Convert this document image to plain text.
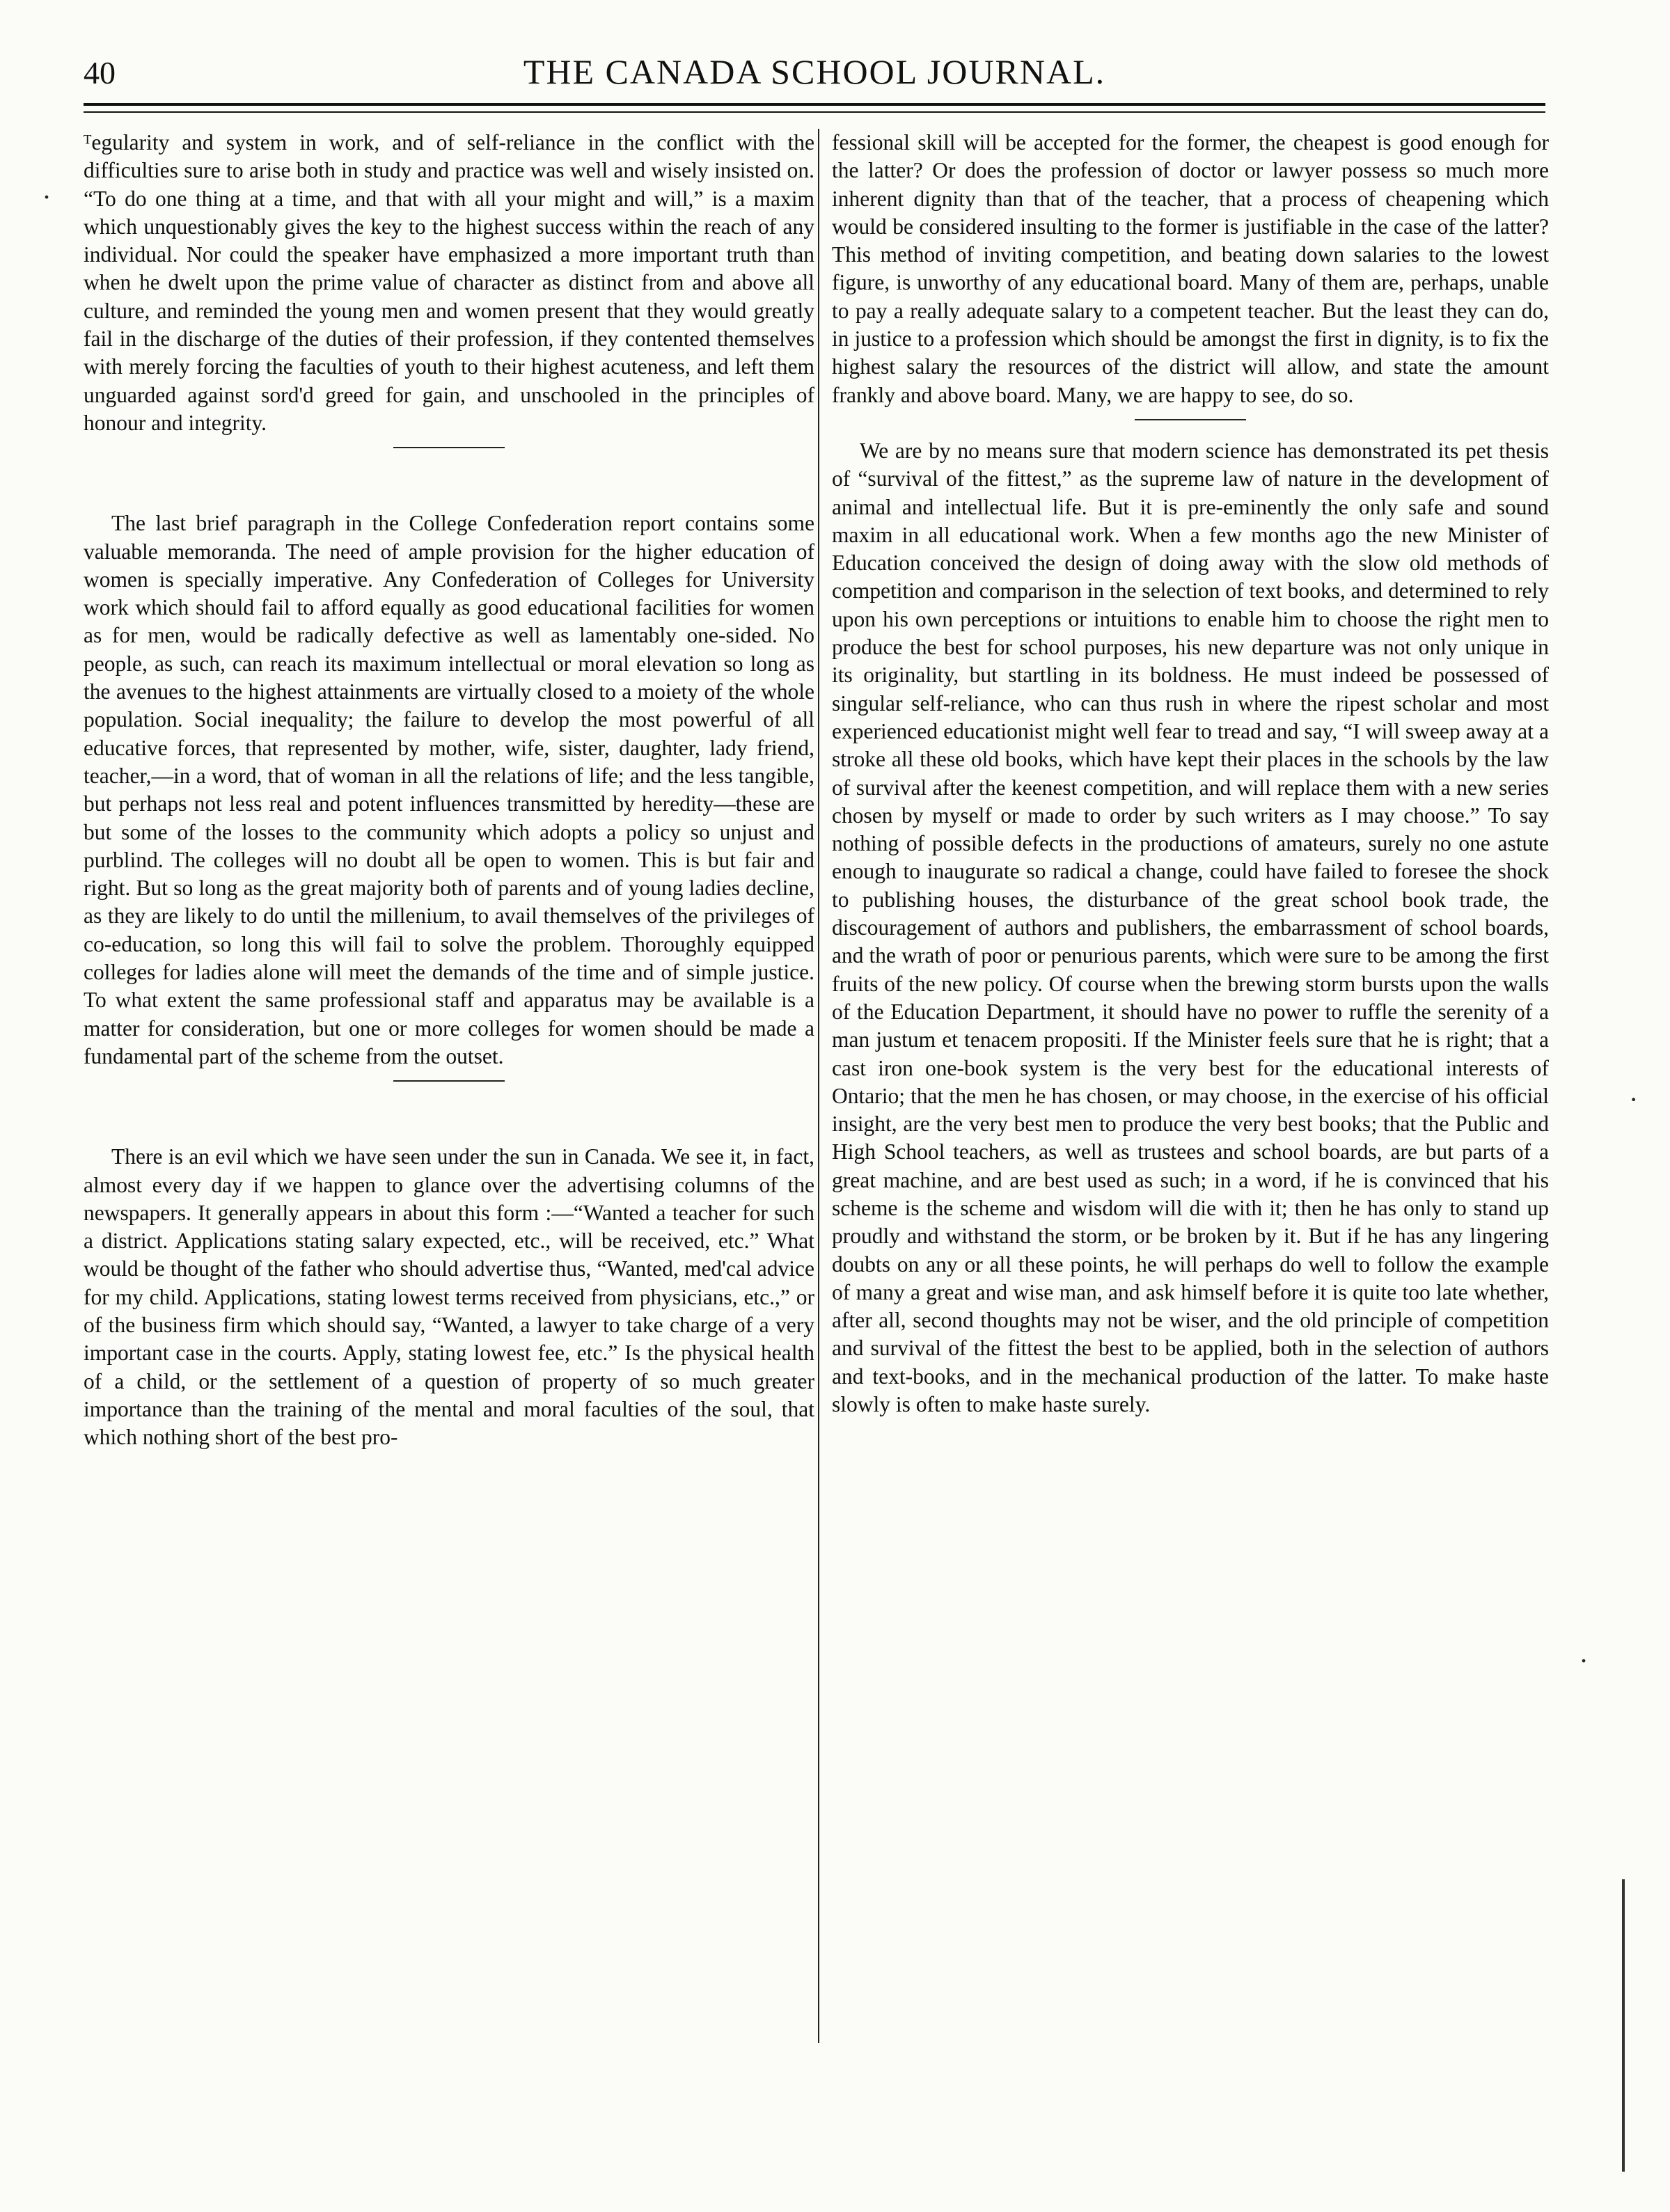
40	THE CANADA SCHOOL JOURNAL.

ᵀegularity and system in work, and of self-reliance in the conflict with the difficulties sure to arise both in study and practice was well and wisely insisted on. “To do one thing at a time, and that with all your might and will,” is a maxim which unquestionably gives the key to the highest success within the reach of any individual. Nor could the speaker have emphasized a more important truth than when he dwelt upon the prime value of character as distinct from and above all culture, and reminded the young men and women present that they would greatly fail in the discharge of the duties of their profession, if they contented themselves with merely forcing the faculties of youth to their highest acuteness, and left them unguarded against sord'd greed for gain, and unschooled in the principles of honour and integrity.

The last brief paragraph in the College Confederation report contains some valuable memoranda. The need of ample provision for the higher education of women is specially imperative. Any Confederation of Colleges for University work which should fail to afford equally as good educational facilities for women as for men, would be radically defective as well as lamentably one-sided. No people, as such, can reach its maximum intellectual or moral elevation so long as the avenues to the highest attainments are virtually closed to a moiety of the whole population. Social inequality; the failure to develop the most powerful of all educative forces, that represented by mother, wife, sister, daughter, lady friend, teacher,—in a word, that of woman in all the relations of life; and the less tangible, but perhaps not less real and potent influences transmitted by heredity—these are but some of the losses to the community which adopts a policy so unjust and purblind. The colleges will no doubt all be open to women. This is but fair and right. But so long as the great majority both of parents and of young ladies decline, as they are likely to do until the millenium, to avail themselves of the privileges of co-education, so long this will fail to solve the problem. Thoroughly equipped colleges for ladies alone will meet the demands of the time and of simple justice. To what extent the same professional staff and apparatus may be available is a matter for consideration, but one or more colleges for women should be made a fundamental part of the scheme from the outset.

There is an evil which we have seen under the sun in Canada. We see it, in fact, almost every day if we happen to glance over the advertising columns of the newspapers. It generally appears in about this form :—“Wanted a teacher for such a district. Applications stating salary expected, etc., will be received, etc.” What would be thought of the father who should advertise thus, “Wanted, med'cal advice for my child. Applications, stating lowest terms received from physicians, etc.,” or of the business firm which should say, “Wanted, a lawyer to take charge of a very important case in the courts. Apply, stating lowest fee, etc.” Is the physical health of a child, or the settlement of a question of property of so much greater importance than the training of the mental and moral faculties of the soul, that which nothing short of the best pro-

fessional skill will be accepted for the former, the cheapest is good enough for the latter? Or does the profession of doctor or lawyer possess so much more inherent dignity than that of the teacher, that a process of cheapening which would be considered insulting to the former is justifiable in the case of the latter? This method of inviting competition, and beating down salaries to the lowest figure, is unworthy of any educational board. Many of them are, perhaps, unable to pay a really adequate salary to a competent teacher. But the least they can do, in justice to a profession which should be amongst the first in dignity, is to fix the highest salary the resources of the district will allow, and state the amount frankly and above board. Many, we are happy to see, do so.

We are by no means sure that modern science has demonstrated its pet thesis of “survival of the fittest,” as the supreme law of nature in the development of animal and intellectual life. But it is pre-eminently the only safe and sound maxim in all educational work. When a few months ago the new Minister of Education conceived the design of doing away with the slow old methods of competition and comparison in the selection of text books, and determined to rely upon his own perceptions or intuitions to enable him to choose the right men to produce the best for school purposes, his new departure was not only unique in its originality, but startling in its boldness. He must indeed be possessed of singular self-reliance, who can thus rush in where the ripest scholar and most experienced educationist might well fear to tread and say, “I will sweep away at a stroke all these old books, which have kept their places in the schools by the law of survival after the keenest competition, and will replace them with a new series chosen by myself or made to order by such writers as I may choose.” To say nothing of possible defects in the productions of amateurs, surely no one astute enough to inaugurate so radical a change, could have failed to foresee the shock to publishing houses, the disturbance of the great school book trade, the discouragement of authors and publishers, the embarrassment of school boards, and the wrath of poor or penurious parents, which were sure to be among the first fruits of the new policy. Of course when the brewing storm bursts upon the walls of the Education Department, it should have no power to ruffle the serenity of a man justum et tenacem propositi. If the Minister feels sure that he is right; that a cast iron one-book system is the very best for the educational interests of Ontario; that the men he has chosen, or may choose, in the exercise of his official insight, are the very best men to produce the very best books; that the Public and High School teachers, as well as trustees and school boards, are but parts of a great machine, and are best used as such; in a word, if he is convinced that his scheme is the scheme and wisdom will die with it; then he has only to stand up proudly and withstand the storm, or be broken by it. But if he has any lingering doubts on any or all these points, he will perhaps do well to follow the example of many a great and wise man, and ask himself before it is quite too late whether, after all, second thoughts may not be wiser, and the old principle of competition and survival of the fittest the best to be applied, both in the selection of authors and text-books, and in the mechanical production of the latter. To make haste slowly is often to make haste surely.

.
·
.
